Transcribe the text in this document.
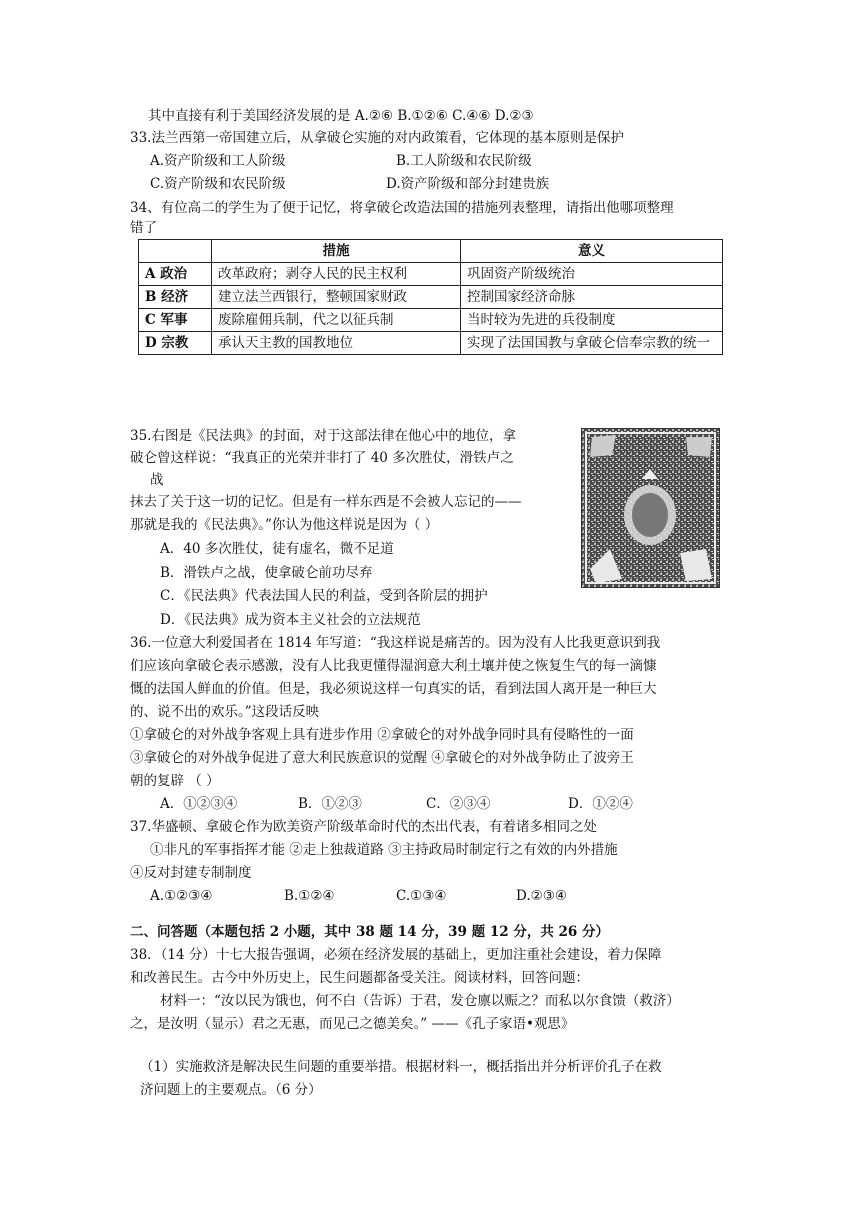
其中直接有利于美国经济发展的是 A.②⑥ B.①②⑥ C.④⑥ D.②③
33.法兰西第一帝国建立后，从拿破仑实施的对内政策看，它体现的基本原则是保护
A.资产阶级和工人阶级	B.工人阶级和农民阶级
C.资产阶级和农民阶级	D.资产阶级和部分封建贵族
34、有位高二的学生为了便于记忆，将拿破仑改造法国的措施列表整理，请指出他哪项整理
错了
	措施	意义
A 政治	改革政府；剥夺人民的民主权利	巩固资产阶级统治
B 经济	建立法兰西银行，整顿国家财政	控制国家经济命脉
C 军事	废除雇佣兵制，代之以征兵制	当时较为先进的兵役制度
D 宗教	承认天主教的国教地位	实现了法国国教与拿破仑信奉宗教的统一
35.右图是《民法典》的封面，对于这部法律在他心中的地位，拿
破仑曾这样说：“我真正的光荣并非打了 40 多次胜仗，滑铁卢之
战
抹去了关于这一切的记忆。但是有一样东西是不会被人忘记的——
那就是我的《民法典》。”你认为他这样说是因为（ ）
A．40 多次胜仗，徒有虚名，微不足道
B．滑铁卢之战，使拿破仑前功尽弃
C．《民法典》代表法国人民的利益，受到各阶层的拥护
D．《民法典》成为资本主义社会的立法规范
36.一位意大利爱国者在 1814 年写道：“我这样说是痛苦的。因为没有人比我更意识到我
们应该向拿破仑表示感激，没有人比我更懂得湿润意大利土壤并使之恢复生气的每一滴慷
慨的法国人鲜血的价值。但是，我必须说这样一句真实的话，看到法国人离开是一种巨大
的、说不出的欢乐。”这段话反映
①拿破仑的对外战争客观上具有进步作用 ②拿破仑的对外战争同时具有侵略性的一面
③拿破仑的对外战争促进了意大利民族意识的觉醒 ④拿破仑的对外战争防止了波旁王
朝的复辟 （ ）
A．①②③④	B．①②③	C．②③④	D．①②④
37.华盛顿、拿破仑作为欧美资产阶级革命时代的杰出代表，有着诸多相同之处
①非凡的军事指挥才能 ②走上独裁道路 ③主持政局时制定行之有效的内外措施
④反对封建专制制度
A.①②③④	B.①②④	C.①③④	D.②③④
二、问答题（本题包括 2 小题，其中 38 题 14 分，39 题 12 分，共 26 分）
38．（14 分）十七大报告强调，必须在经济发展的基础上，更加注重社会建设，着力保障
和改善民生。古今中外历史上，民生问题都备受关注。阅读材料，回答问题：
材料一：“汝以民为饿也，何不白（告诉）于君，发仓廪以赈之？而私以尔食馈（救济）
之，是汝明（显示）君之无惠，而见己之德美矣。” ——《孔子家语•观思》
（1）实施救济是解决民生问题的重要举措。根据材料一，概括指出并分析评价孔子在救
济问题上的主要观点。（6 分）
